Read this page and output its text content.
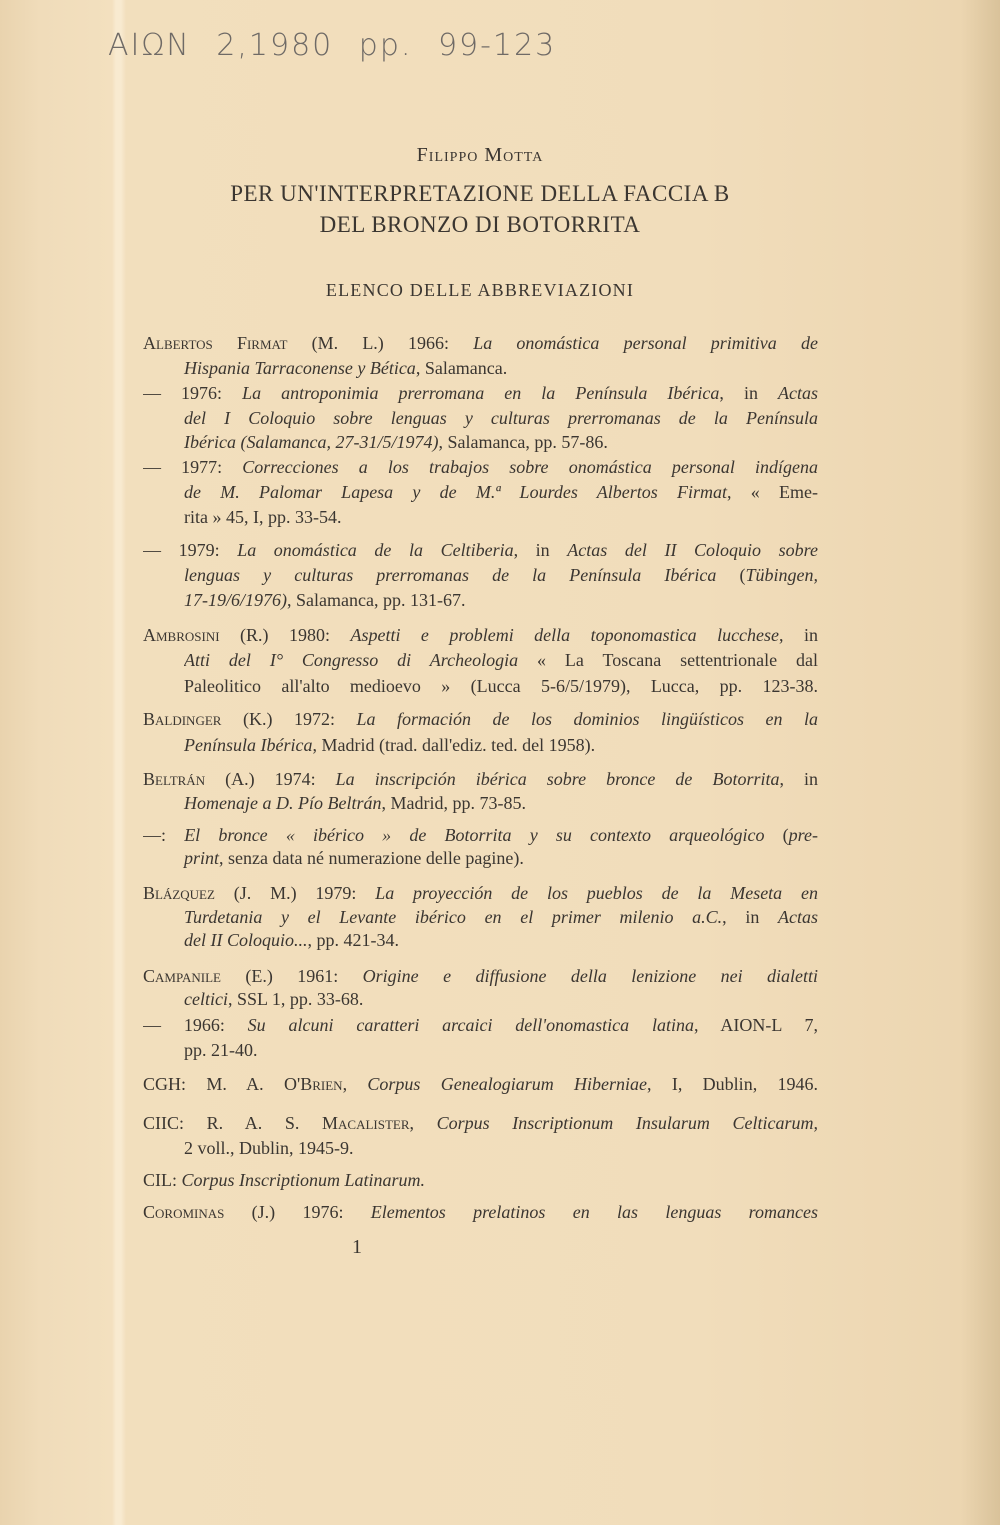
AIΩN 2,1980 pp. 99-123
Filippo Motta
PER UN'INTERPRETAZIONE DELLA FACCIA B
DEL BRONZO DI BOTORRITA
ELENCO DELLE ABBREVIAZIONI
Albertos Firmat (M. L.) 1966: La onomástica personal primitiva de
Hispania Tarraconense y Bética, Salamanca.
— 1976: La antroponimia prerromana en la Península Ibérica, in Actas
del I Coloquio sobre lenguas y culturas prerromanas de la Península
Ibérica (Salamanca, 27-31/5/1974), Salamanca, pp. 57-86.
— 1977: Correcciones a los trabajos sobre onomástica personal indígena
de M. Palomar Lapesa y de M.ª Lourdes Albertos Firmat, « Eme-
rita » 45, I, pp. 33-54.
— 1979: La onomástica de la Celtiberia, in Actas del II Coloquio sobre
lenguas y culturas prerromanas de la Península Ibérica (Tübingen,
17-19/6/1976), Salamanca, pp. 131-67.
Ambrosini (R.) 1980: Aspetti e problemi della toponomastica lucchese, in
Atti del I° Congresso di Archeologia « La Toscana settentrionale dal
Paleolitico all'alto medioevo » (Lucca 5-6/5/1979), Lucca, pp. 123-38.
Baldinger (K.) 1972: La formación de los dominios lingüísticos en la
Península Ibérica, Madrid (trad. dall'ediz. ted. del 1958).
Beltrán (A.) 1974: La inscripción ibérica sobre bronce de Botorrita, in
Homenaje a D. Pío Beltrán, Madrid, pp. 73-85.
—: El bronce « ibérico » de Botorrita y su contexto arqueológico (pre-
print, senza data né numerazione delle pagine).
Blázquez (J. M.) 1979: La proyección de los pueblos de la Meseta en
Turdetania y el Levante ibérico en el primer milenio a.C., in Actas
del II Coloquio..., pp. 421-34.
Campanile (E.) 1961: Origine e diffusione della lenizione nei dialetti
celtici, SSL 1, pp. 33-68.
— 1966: Su alcuni caratteri arcaici dell'onomastica latina, AION-L 7,
pp. 21-40.
CGH: M. A. O'Brien, Corpus Genealogiarum Hiberniae, I, Dublin, 1946.
CIIC: R. A. S. Macalister, Corpus Inscriptionum Insularum Celticarum,
2 voll., Dublin, 1945-9.
CIL: Corpus Inscriptionum Latinarum.
Corominas (J.) 1976: Elementos prelatinos en las lenguas romances
1
